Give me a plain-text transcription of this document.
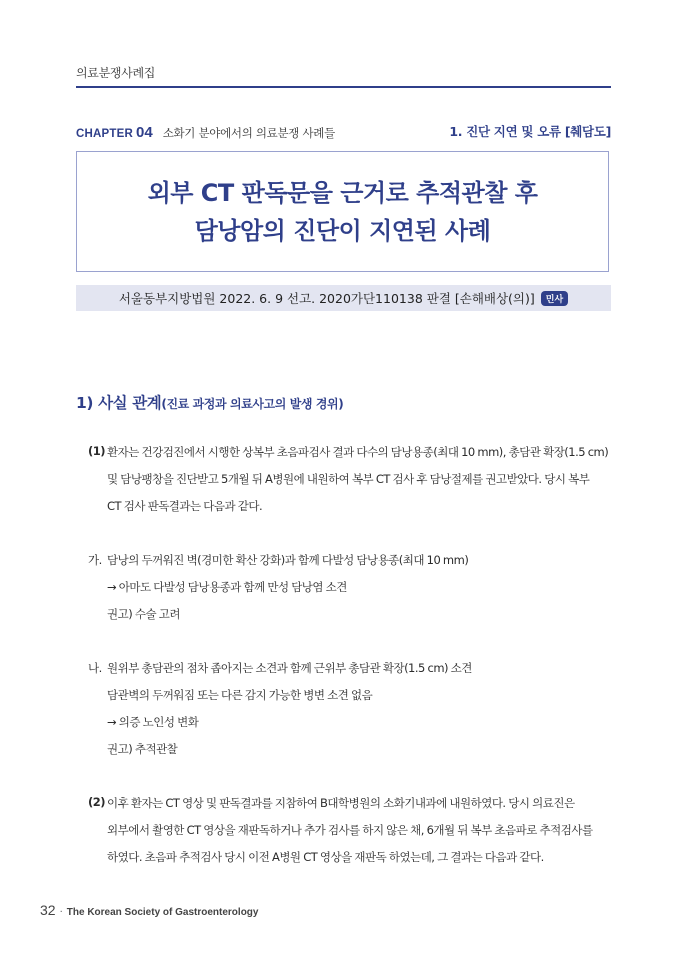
의료분쟁사례집
CHAPTER 04 소화기 분야에서의 의료분쟁 사례들	1. 진단 지연 및 오류 [췌담도]
외부 CT 판독문을 근거로 추적관찰 후
담낭암의 진단이 지연된 사례
서울동부지방법원 2022. 6. 9 선고. 2020가단110138 판결 [손해배상(의)]	민사
1) 사실 관계(진료 과정과 의료사고의 발생 경위)
(1) 환자는 건강검진에서 시행한 상복부 초음파검사 결과 다수의 담낭용종(최대 10 mm), 총담관 확장(1.5 cm)
및 담낭팽창을 진단받고 5개월 뒤 A병원에 내원하여 복부 CT 검사 후 담낭절제를 권고받았다. 당시 복부
CT 검사 판독결과는 다음과 같다.
가. 담낭의 두꺼워진 벽(경미한 확산 강화)과 함께 다발성 담낭용종(최대 10 mm)
→ 아마도 다발성 담낭용종과 함께 만성 담낭염 소견
권고) 수술 고려
나. 원위부 총담관의 점차 좁아지는 소견과 함께 근위부 총담관 확장(1.5 cm) 소견
담관벽의 두꺼워짐 또는 다른 감지 가능한 병변 소견 없음
→ 의증 노인성 변화
권고) 추적관찰
(2) 이후 환자는 CT 영상 및 판독결과를 지참하여 B대학병원의 소화기내과에 내원하였다. 당시 의료진은
외부에서 촬영한 CT 영상을 재판독하거나 추가 검사를 하지 않은 채, 6개월 뒤 복부 초음파로 추적검사를
하였다. 초음파 추적검사 당시 이전 A병원 CT 영상을 재판독 하였는데, 그 결과는 다음과 같다.
32 · The Korean Society of Gastroenterology
